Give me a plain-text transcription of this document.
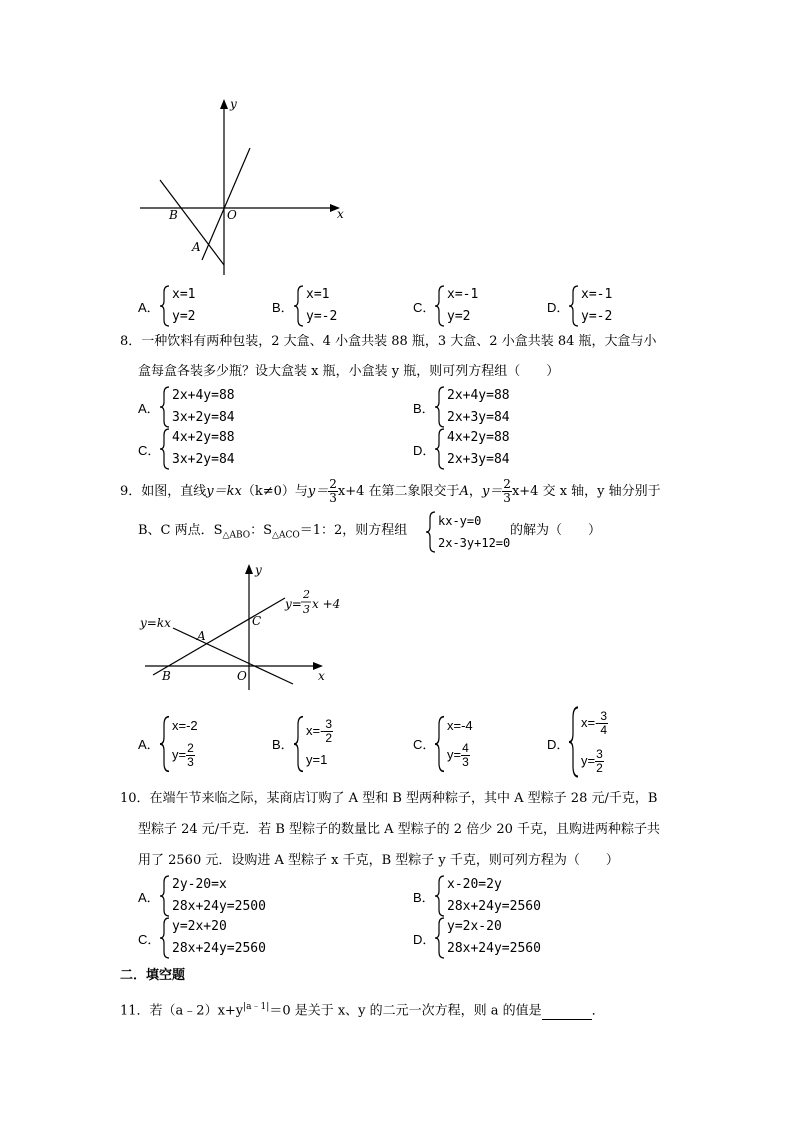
y
x
O
B
A
A．
x=1
y=2
B．
x=1
y=-2
C．
x=-1
y=2
D．
x=-1
y=-2
8．一种饮料有两种包装，2 大盒、4 小盒共装 88 瓶，3 大盒、2 小盒共装 84 瓶，大盒与小
盒每盒各装多少瓶？设大盒装 x 瓶，小盒装 y 瓶，则可列方程组（　　）
A．
2x+4y=88
3x+2y=84
B．
2x+4y=88
2x+3y=84
C．
4x+2y=88
3x+2y=84
D．
4x+2y=88
2x+3y=84
9．如图，直线y＝kx（k≠0）与$y= \frac{2}{3} x+4$ 在第二象限交于A，$y= \frac{2}{3} x+4$ 交 x 轴，y 轴分别于
B、C 两点．$S_{\triangle ABO}$：$S_{\triangle ACO}=1$：2，则方程组
kx-y=0
2x-3y+12=0
的解为（　　）
y
x
O
B
A
C
y=kx
y=
2
3 x +4
A．
x=-2
$y= \frac{2}{3}$	B．
$x=- \frac{3}{2}$
y=1
C．
x=-4
$y= \frac{4}{3}$	D．
$x=- \frac{3}{4}$
$y= \frac{3}{2}$
10．在端午节来临之际，某商店订购了 A 型和 B 型两种粽子，其中 A 型粽子 28 元/千克，B
型粽子 24 元/千克．若 B 型粽子的数量比 A 型粽子的 2 倍少 20 千克，且购进两种粽子共
用了 2560 元．设购进 A 型粽子 x 千克，B 型粽子 y 千克，则可列方程为（　　）
A．
2y-20=x
28x+24y=2500
B．
x-20=2y
28x+24y=2560
C．
y=2x+20
28x+24y=2560
D．
y=2x-20
28x+24y=2560
二．填空题
11．若$(a﹣2)x+y^{|a﹣1|}=0$ 是关于 x、y 的二元一次方程，则 a 的值是	．
